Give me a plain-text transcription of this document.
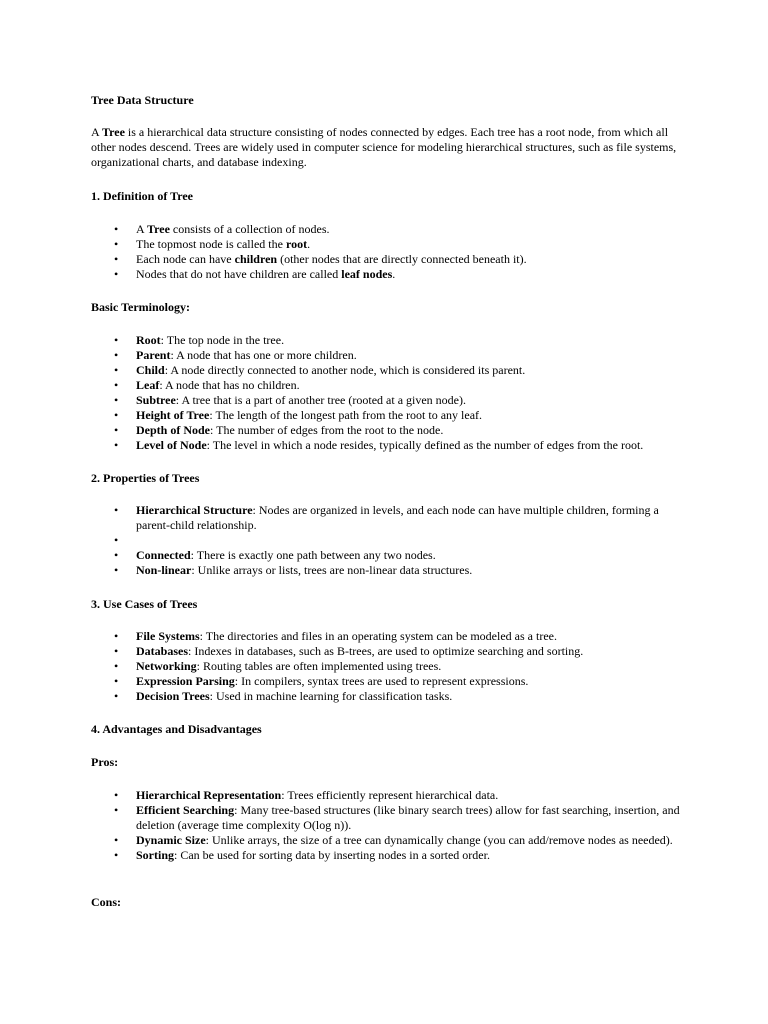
Tree Data Structure
A Tree is a hierarchical data structure consisting of nodes connected by edges. Each tree has a root node, from which all other nodes descend. Trees are widely used in computer science for modeling hierarchical structures, such as file systems, organizational charts, and database indexing.
1. Definition of Tree
• A Tree consists of a collection of nodes.
• The topmost node is called the root.
• Each node can have children (other nodes that are directly connected beneath it).
• Nodes that do not have children are called leaf nodes.
Basic Terminology:
• Root: The top node in the tree.
• Parent: A node that has one or more children.
• Child: A node directly connected to another node, which is considered its parent.
• Leaf: A node that has no children.
• Subtree: A tree that is a part of another tree (rooted at a given node).
• Height of Tree: The length of the longest path from the root to any leaf.
• Depth of Node: The number of edges from the root to the node.
• Level of Node: The level in which a node resides, typically defined as the number of edges from the root.
2. Properties of Trees
• Hierarchical Structure: Nodes are organized in levels, and each node can have multiple children, forming a parent-child relationship.
•
• Connected: There is exactly one path between any two nodes.
• Non-linear: Unlike arrays or lists, trees are non-linear data structures.
3. Use Cases of Trees
• File Systems: The directories and files in an operating system can be modeled as a tree.
• Databases: Indexes in databases, such as B-trees, are used to optimize searching and sorting.
• Networking: Routing tables are often implemented using trees.
• Expression Parsing: In compilers, syntax trees are used to represent expressions.
• Decision Trees: Used in machine learning for classification tasks.
4. Advantages and Disadvantages
Pros:
• Hierarchical Representation: Trees efficiently represent hierarchical data.
• Efficient Searching: Many tree-based structures (like binary search trees) allow for fast searching, insertion, and deletion (average time complexity O(log n)).
• Dynamic Size: Unlike arrays, the size of a tree can dynamically change (you can add/remove nodes as needed).
• Sorting: Can be used for sorting data by inserting nodes in a sorted order.
Cons:
